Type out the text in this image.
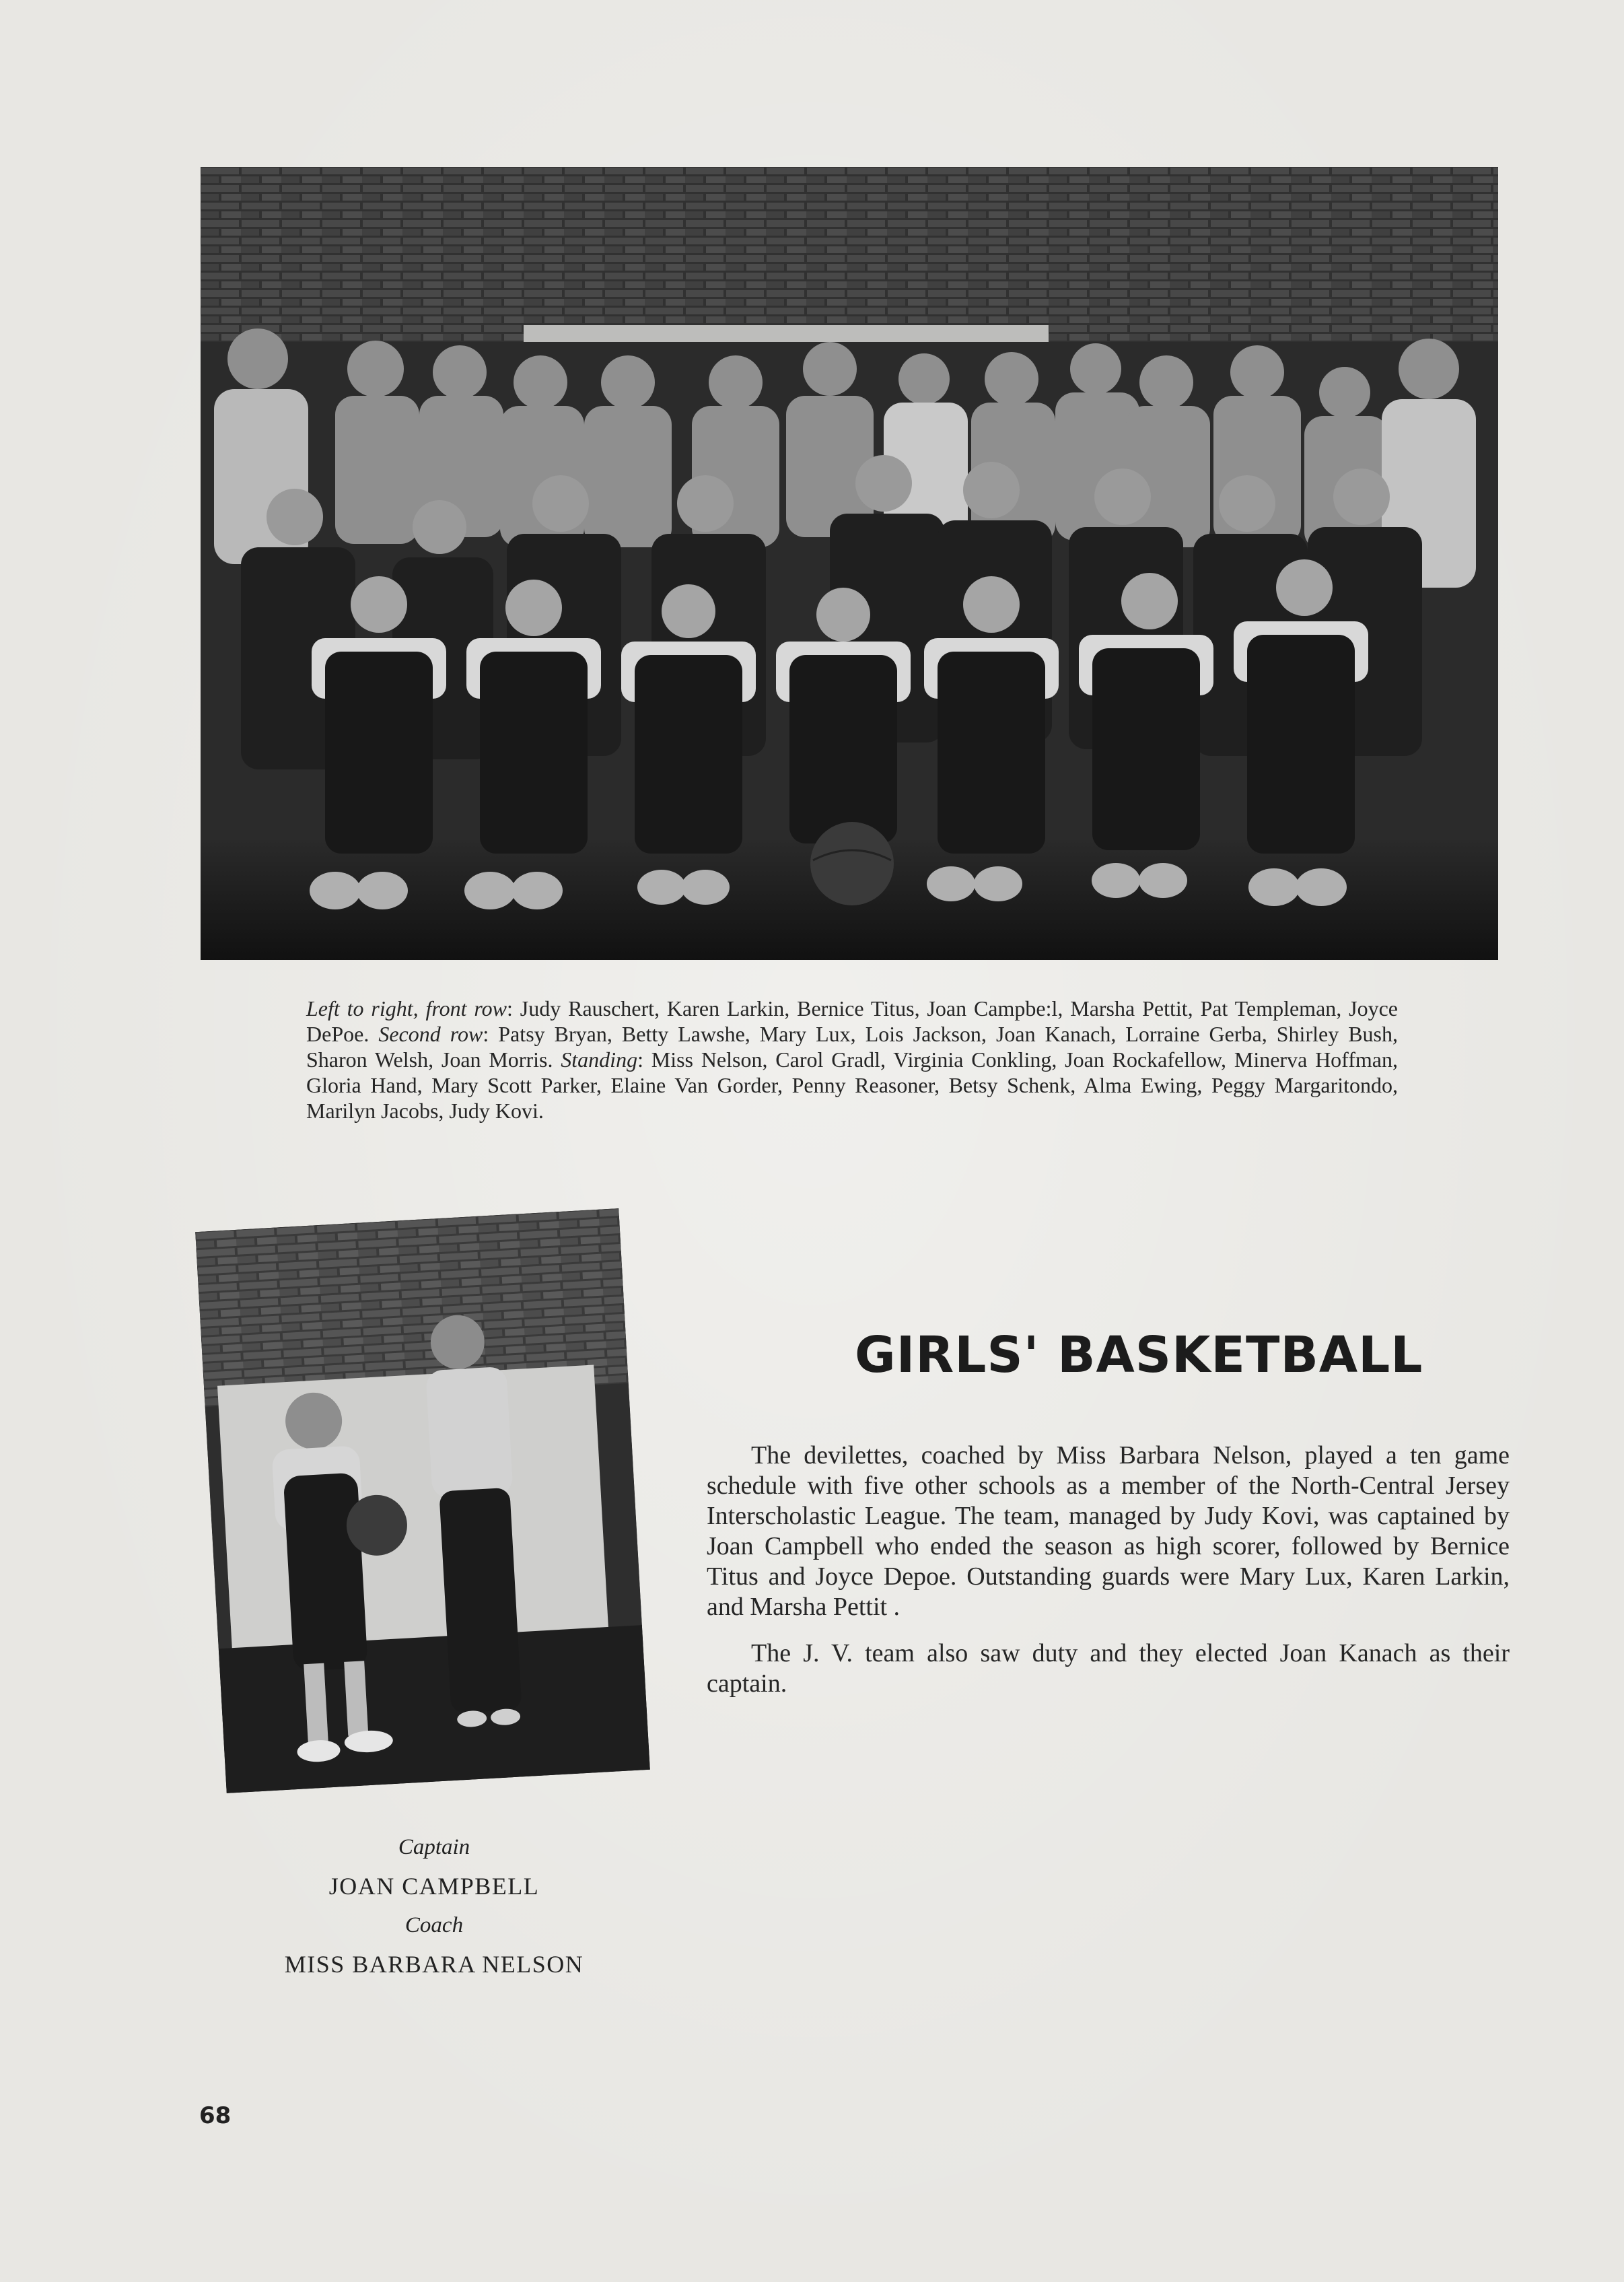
Left to right, front row: Judy Rauschert, Karen Larkin, Bernice Titus, Joan Campbe:l, Marsha Pettit, Pat Templeman, Joyce DePoe. Second row: Patsy Bryan, Betty Lawshe, Mary Lux, Lois Jackson, Joan Kanach, Lorraine Gerba, Shirley Bush, Sharon Welsh, Joan Morris. Standing: Miss Nelson, Carol Gradl, Virginia Conkling, Joan Rockafellow, Minerva Hoffman, Gloria Hand, Mary Scott Parker, Elaine Van Gorder, Penny Reasoner, Betsy Schenk, Alma Ewing, Peggy Margaritondo, Marilyn Jacobs, Judy Kovi.
GIRLS' BASKETBALL

The devilettes, coached by Miss Barbara Nelson, played a ten game schedule with five other schools as a member of the North-Central Jersey Interscholastic League. The team, managed by Judy Kovi, was captained by Joan Campbell who ended the season as high scorer, followed by Bernice Titus and Joyce Depoe. Outstanding guards were Mary Lux, Karen Larkin, and Marsha Pettit .

The J. V. team also saw duty and they elected Joan Kanach as their captain.

Captain
JOAN CAMPBELL
Coach
MISS BARBARA NELSON
68
